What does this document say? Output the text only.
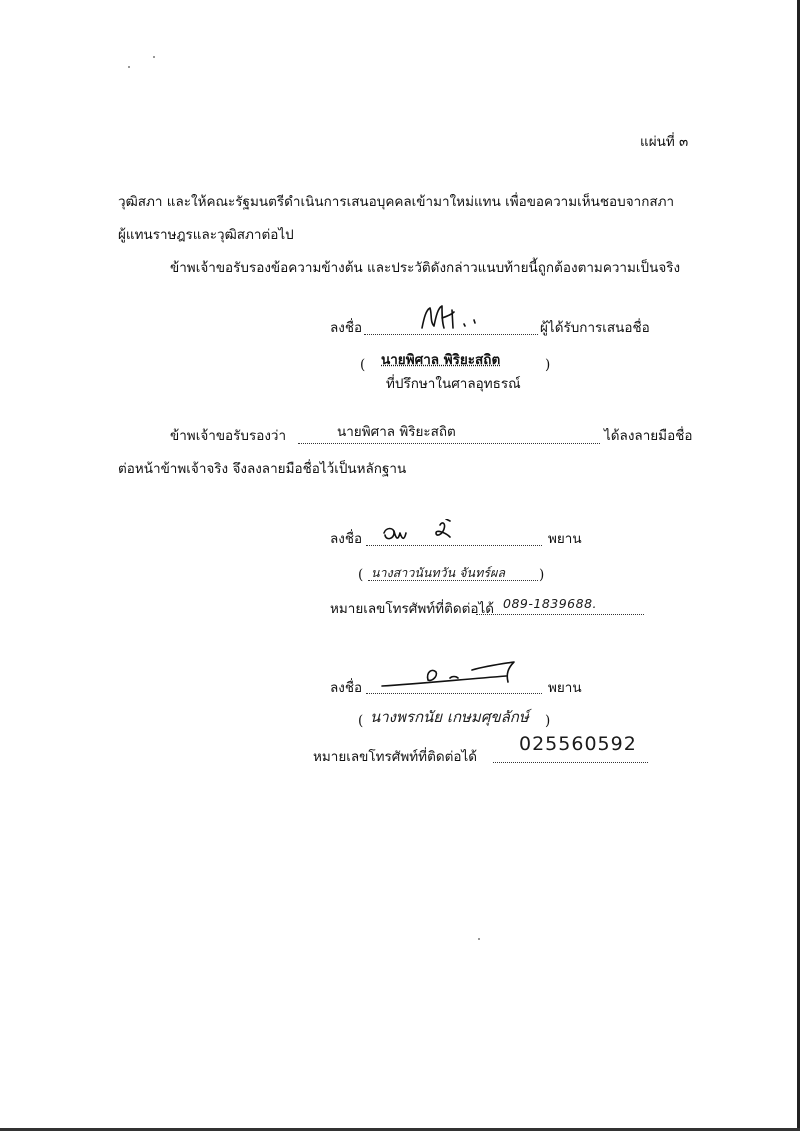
แผ่นที่ ๓
วุฒิสภา และให้คณะรัฐมนตรีดำเนินการเสนอบุคคลเข้ามาใหม่แทน เพื่อขอความเห็นชอบจากสภา
ผู้แทนราษฎรและวุฒิสภาต่อไป
ข้าพเจ้าขอรับรองข้อความข้างต้น และประวัติดังกล่าวแนบท้ายนี้ถูกต้องตามความเป็นจริง
ลงชื่อ	ผู้ได้รับการเสนอชื่อ
( นายพิศาล พิริยะสถิต	)
ที่ปรึกษาในศาลอุทธรณ์
ข้าพเจ้าขอรับรองว่า	นายพิศาล พิริยะสถิต	ได้ลงลายมือชื่อ
ต่อหน้าข้าพเจ้าจริง จึงลงลายมือชื่อไว้เป็นหลักฐาน
ลงชื่อ	พยาน
( นางสาวนันทวัน จันทร์ผล	)
หมายเลขโทรศัพท์ที่ติดต่อได้ 089-1839688.
ลงชื่อ	พยาน
( นางพรกนัย เกษมศุขลักษ์ )
หมายเลขโทรศัพท์ที่ติดต่อได้
025560592
